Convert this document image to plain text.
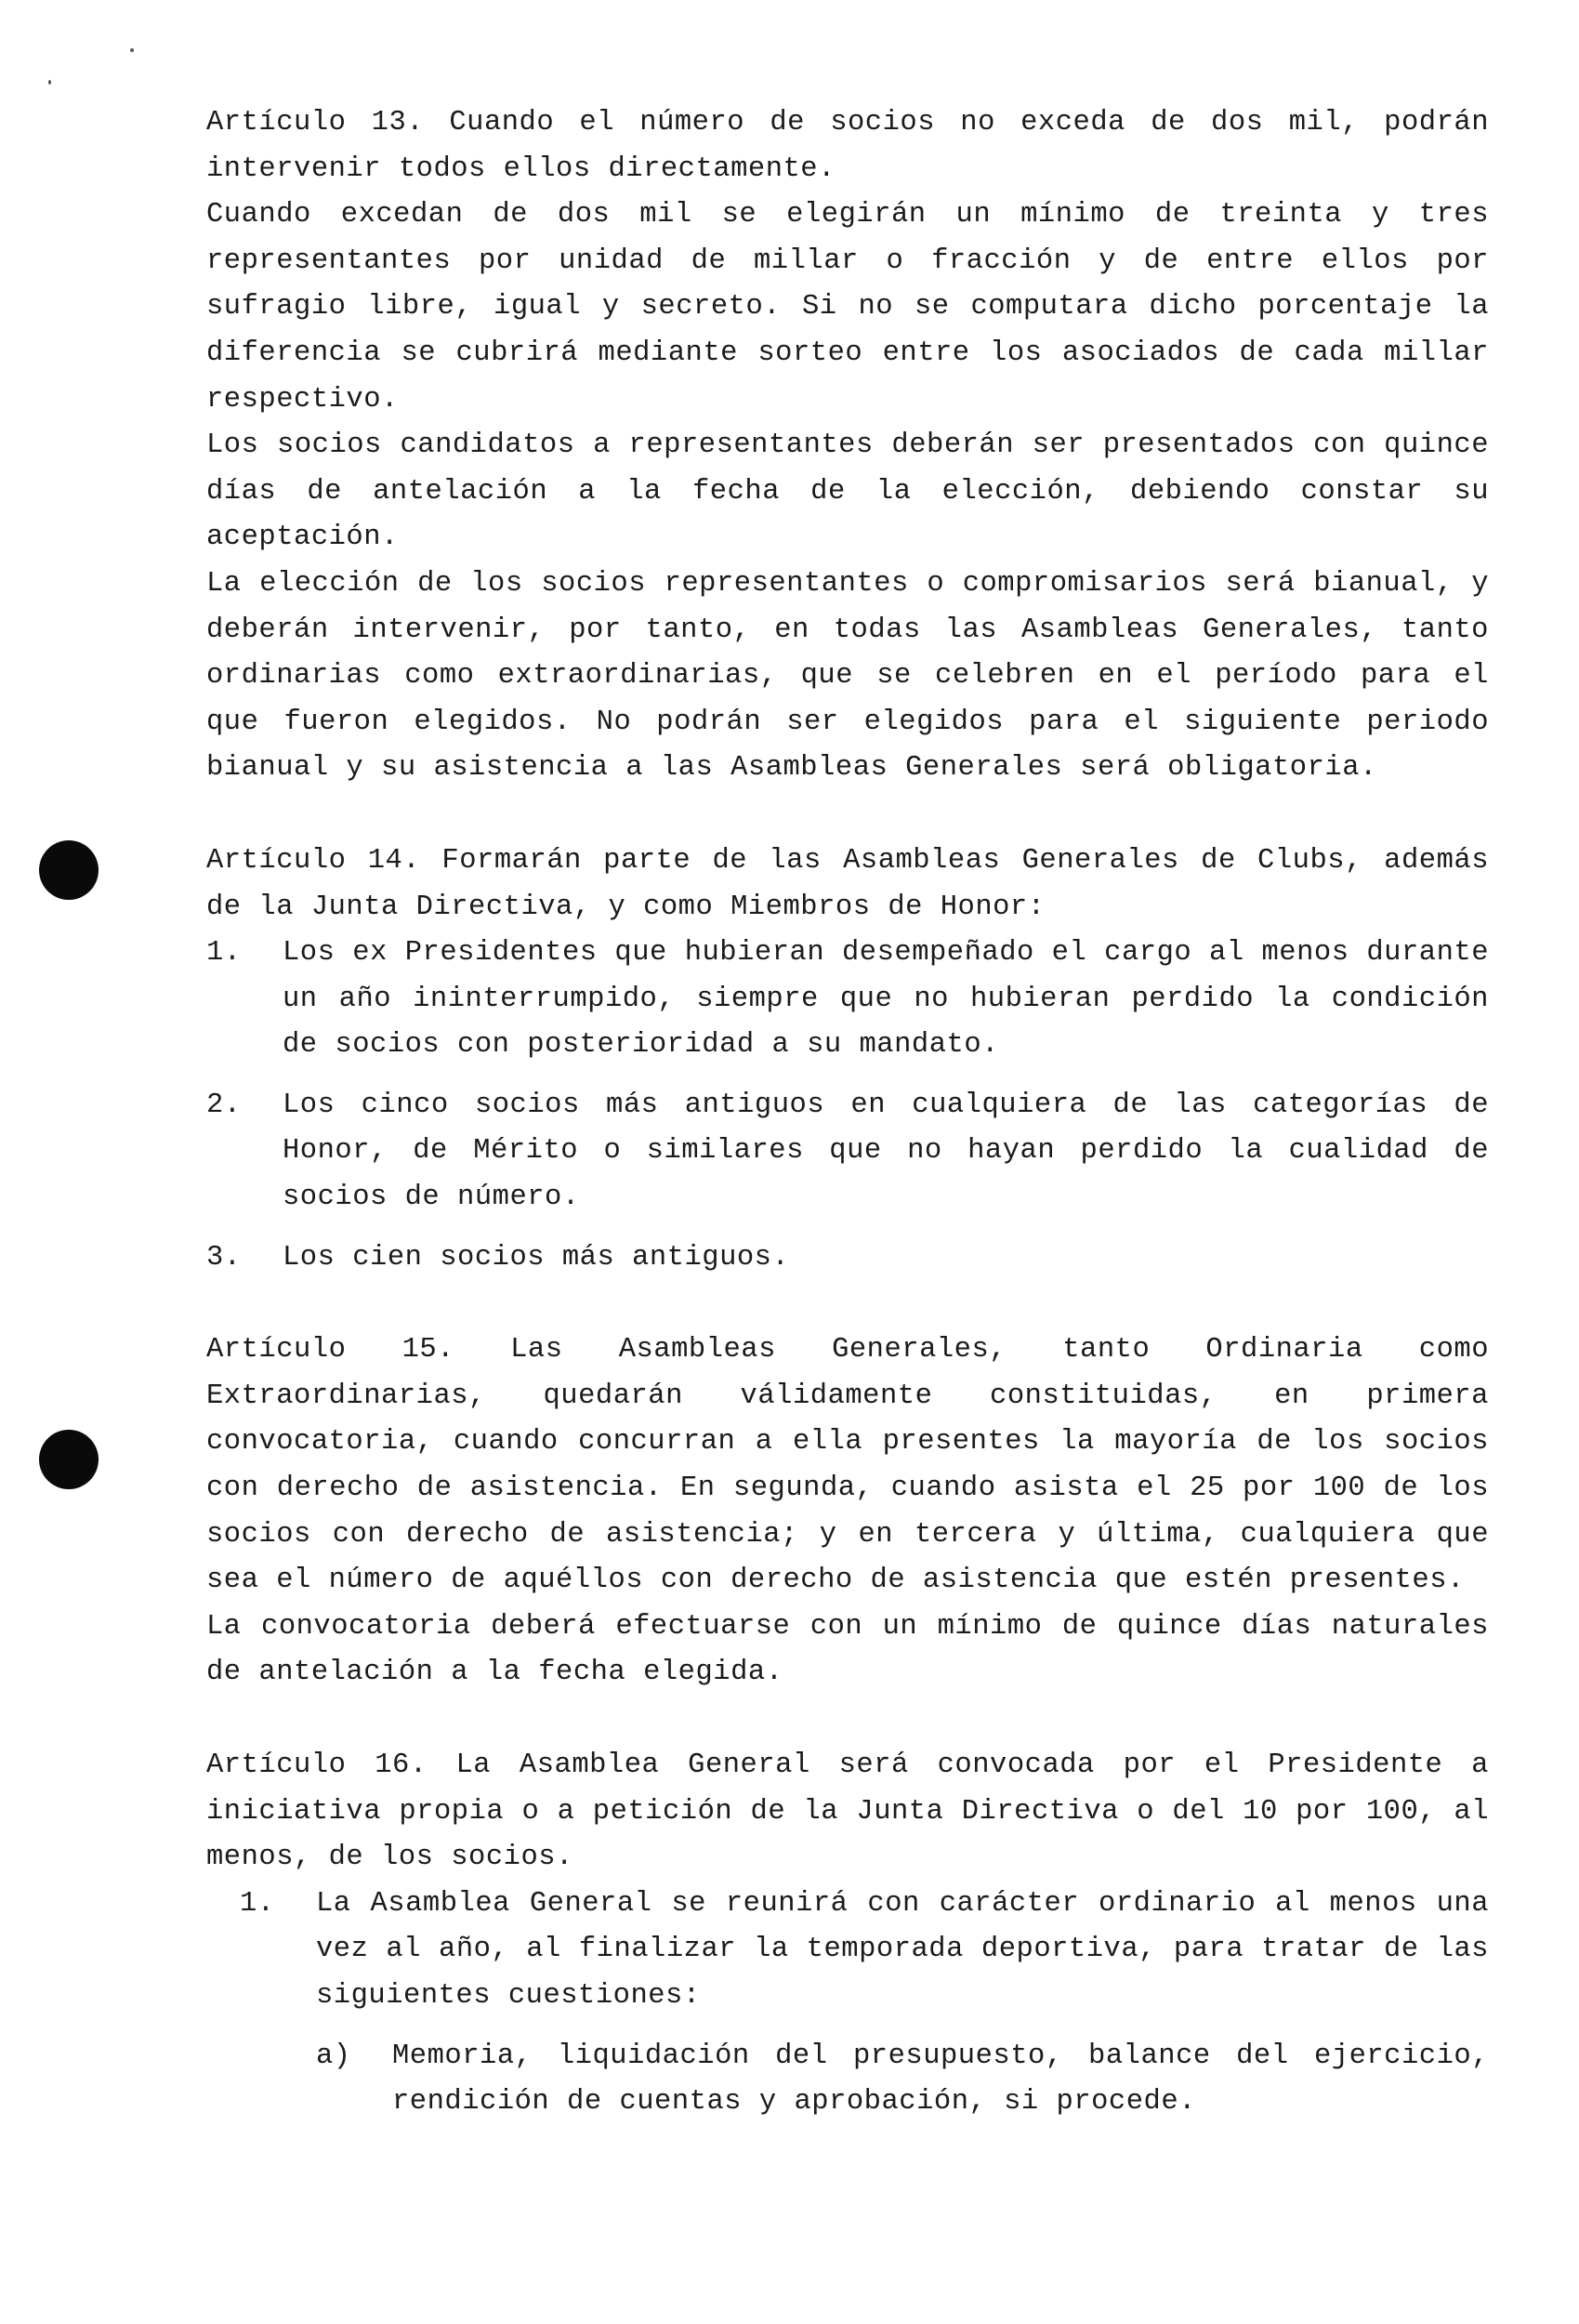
Artículo 13. Cuando el número de socios no exceda de dos mil, podrán intervenir todos ellos directamente.

Cuando excedan de dos mil se elegirán un mínimo de treinta y tres representantes por unidad de millar o fracción y de entre ellos por sufragio libre, igual y secreto. Si no se computara dicho porcentaje la diferencia se cubrirá mediante sorteo entre los asociados de cada millar respectivo.

Los socios candidatos a representantes deberán ser presentados con quince días de antelación a la fecha de la elección, debiendo constar su aceptación.

La elección de los socios representantes o compromisarios será bianual, y deberán intervenir, por tanto, en todas las Asambleas Generales, tanto ordinarias como extraordinarias, que se celebren en el período para el que fueron elegidos. No podrán ser elegidos para el siguiente periodo bianual y su asistencia a las Asambleas Generales será obligatoria.

Artículo 14. Formarán parte de las Asambleas Generales de Clubs, además de la Junta Directiva, y como Miembros de Honor:

1.	Los ex Presidentes que hubieran desempeñado el cargo al menos durante un año ininterrumpido, siempre que no hubieran perdido la condición de socios con posterioridad a su mandato.
2.	Los cinco socios más antiguos en cualquiera de las categorías de Honor, de Mérito o similares que no hayan perdido la cualidad de socios de número.
3.	Los cien socios más antiguos.

Artículo 15. Las Asambleas Generales, tanto Ordinaria como Extraordinarias, quedarán válidamente constituidas, en primera convocatoria, cuando concurran a ella presentes la mayoría de los socios con derecho de asistencia. En segunda, cuando asista el 25 por 100 de los socios con derecho de asistencia; y en tercera y última, cualquiera que sea el número de aquéllos con derecho de asistencia que estén presentes.

La convocatoria deberá efectuarse con un mínimo de quince días naturales de antelación a la fecha elegida.

Artículo 16. La Asamblea General será convocada por el Presidente a iniciativa propia o a petición de la Junta Directiva o del 10 por 100, al menos, de los socios.

1.	La Asamblea General se reunirá con carácter ordinario al menos una vez al año, al finalizar la temporada deportiva, para tratar de las siguientes cuestiones:
a)	Memoria, liquidación del presupuesto, balance del ejercicio, rendición de cuentas y aprobación, si procede.
